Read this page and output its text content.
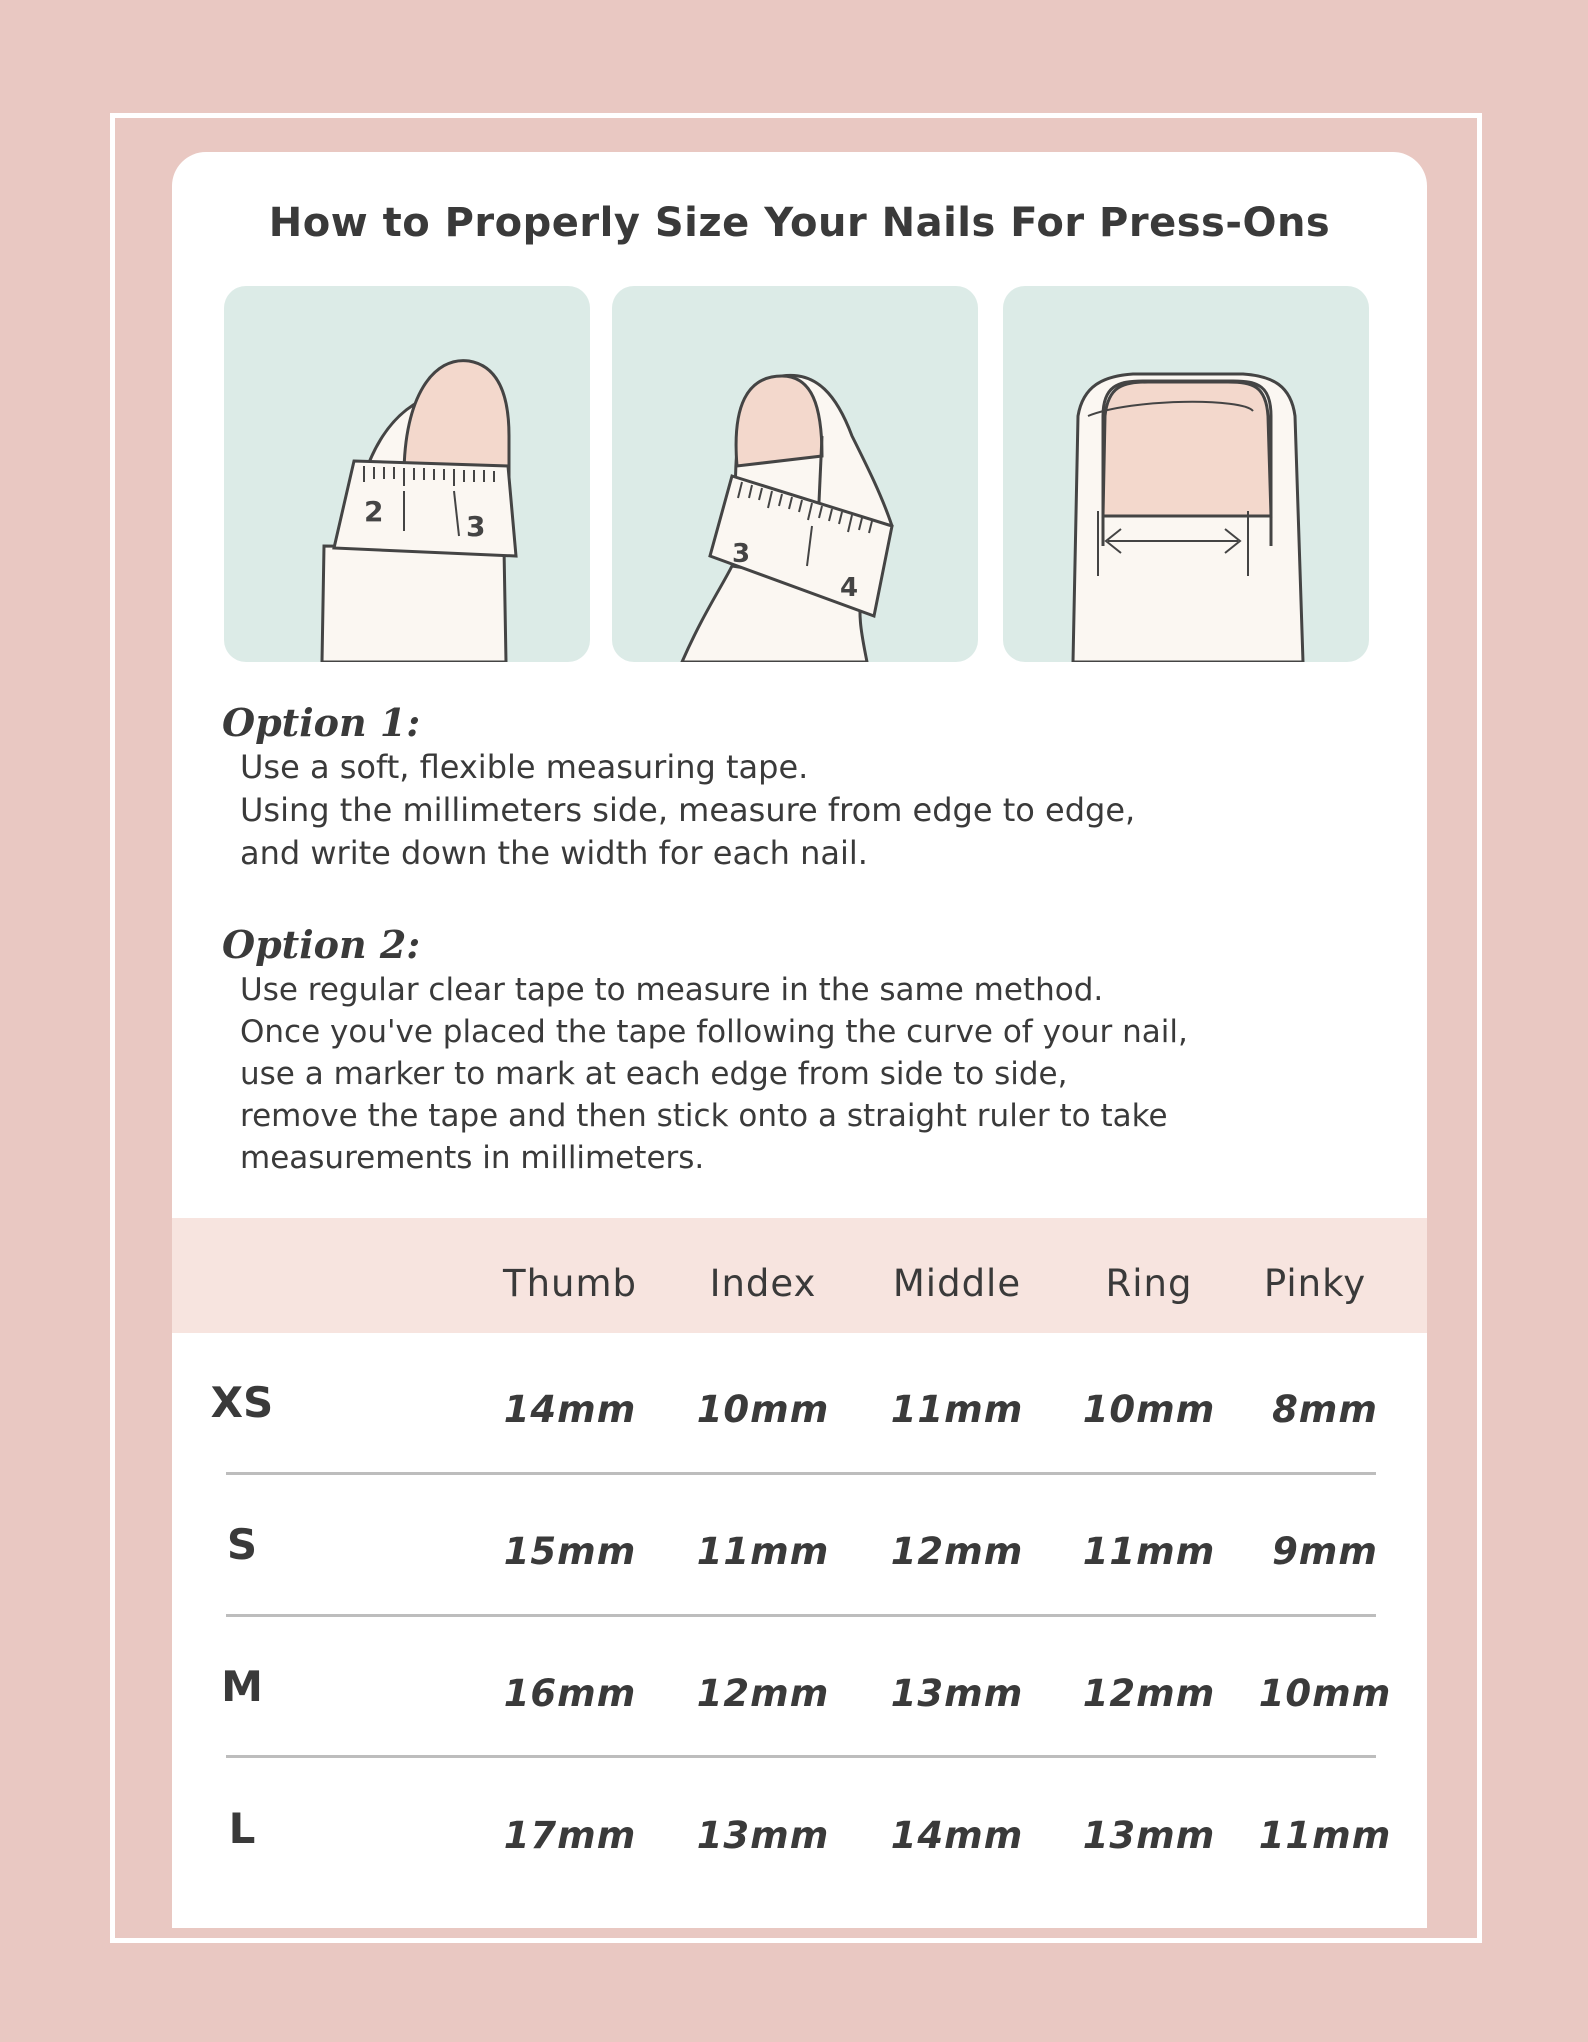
How to Properly Size Your Nails For Press-Ons
2	3
3
4
Option 1:
Use a soft, flexible measuring tape.
Using the millimeters side, measure from edge to edge,
and write down the width for each nail.
Option 2:
Use regular clear tape to measure in the same method.
Once you've placed the tape following the curve of your nail,
use a marker to mark at each edge from side to side,
remove the tape and then stick onto a straight ruler to take
measurements in millimeters.
Thumb	Index	Middle	Ring	Pinky
XS	14mm	10mm	11mm	10mm	8mm
S	15mm	11mm	12mm	11mm	9mm
M	16mm	12mm	13mm	12mm	10mm
L	17mm	13mm	14mm	13mm	11mm
